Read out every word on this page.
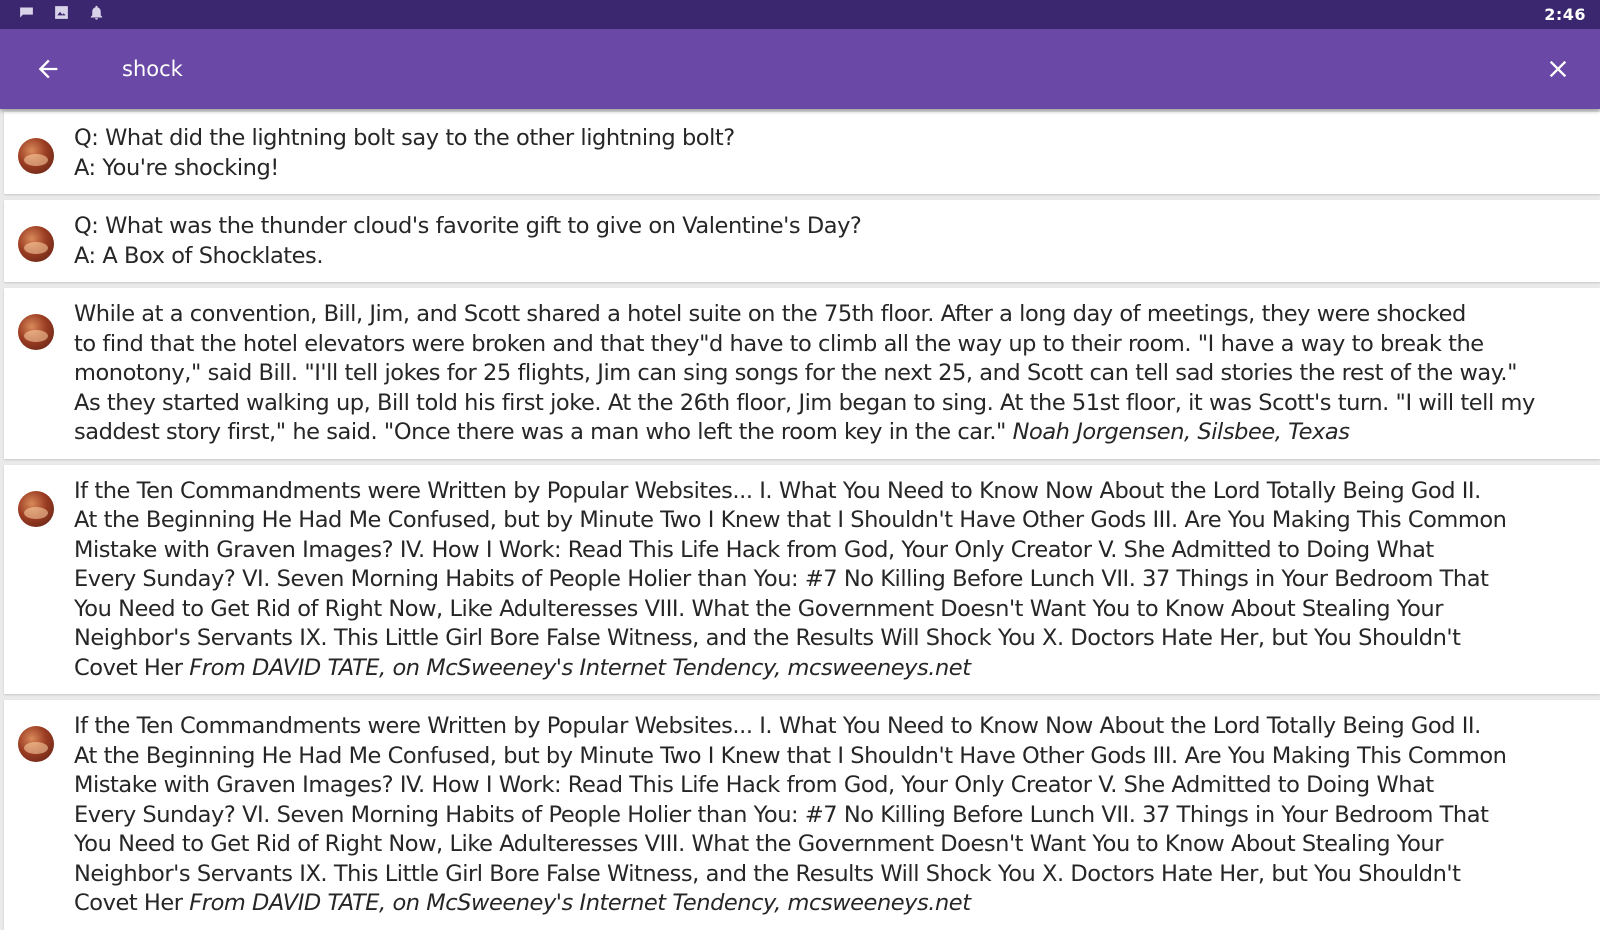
2:46
shock
Q: What did the lightning bolt say to the other lightning bolt?
A: You're shocking!
Q: What was the thunder cloud's favorite gift to give on Valentine's Day?
A: A Box of Shocklates.
While at a convention, Bill, Jim, and Scott shared a hotel suite on the 75th floor. After a long day of meetings, they were shocked
to find that the hotel elevators were broken and that they"d have to climb all the way up to their room. "I have a way to break the
monotony," said Bill. "I'll tell jokes for 25 flights, Jim can sing songs for the next 25, and Scott can tell sad stories the rest of the way."
As they started walking up, Bill told his first joke. At the 26th floor, Jim began to sing. At the 51st floor, it was Scott's turn. "I will tell my
saddest story first," he said. "Once there was a man who left the room key in the car." Noah Jorgensen, Silsbee, Texas
If the Ten Commandments were Written by Popular Websites... I. What You Need to Know Now About the Lord Totally Being God II.
At the Beginning He Had Me Confused, but by Minute Two I Knew that I Shouldn't Have Other Gods III. Are You Making This Common
Mistake with Graven Images? IV. How I Work: Read This Life Hack from God, Your Only Creator V. She Admitted to Doing What
Every Sunday? VI. Seven Morning Habits of People Holier than You: #7 No Killing Before Lunch VII. 37 Things in Your Bedroom That
You Need to Get Rid of Right Now, Like Adulteresses VIII. What the Government Doesn't Want You to Know About Stealing Your
Neighbor's Servants IX. This Little Girl Bore False Witness, and the Results Will Shock You X. Doctors Hate Her, but You Shouldn't
Covet Her From DAVID TATE, on McSweeney's Internet Tendency, mcsweeneys.net
If the Ten Commandments were Written by Popular Websites... I. What You Need to Know Now About the Lord Totally Being God II.
At the Beginning He Had Me Confused, but by Minute Two I Knew that I Shouldn't Have Other Gods III. Are You Making This Common
Mistake with Graven Images? IV. How I Work: Read This Life Hack from God, Your Only Creator V. She Admitted to Doing What
Every Sunday? VI. Seven Morning Habits of People Holier than You: #7 No Killing Before Lunch VII. 37 Things in Your Bedroom That
You Need to Get Rid of Right Now, Like Adulteresses VIII. What the Government Doesn't Want You to Know About Stealing Your
Neighbor's Servants IX. This Little Girl Bore False Witness, and the Results Will Shock You X. Doctors Hate Her, but You Shouldn't
Covet Her From DAVID TATE, on McSweeney's Internet Tendency, mcsweeneys.net
